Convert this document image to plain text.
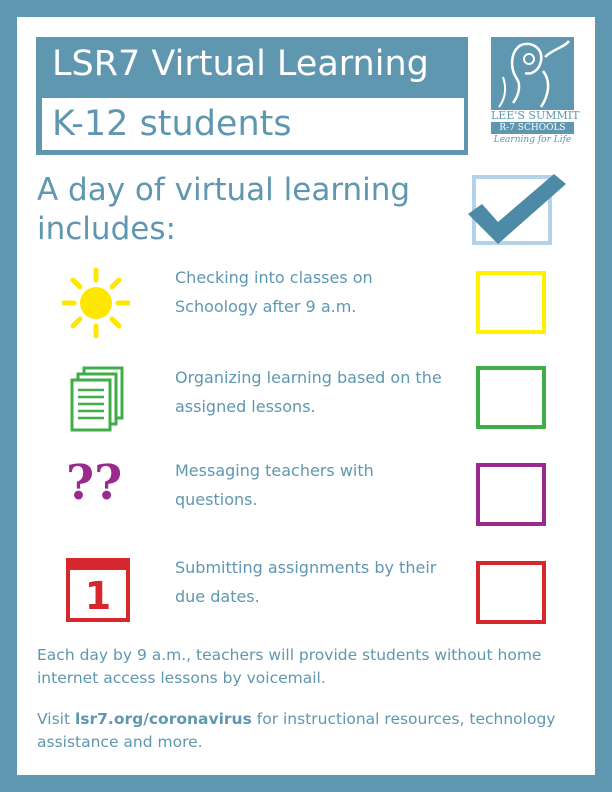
LSR7 Virtual Learning
K-12 students	LEE'S SUMMIT
R-7 SCHOOLS
Learning for Life
A day of virtual learning includes:
Checking into classes on Schoology after 9 a.m.
Organizing learning based on the assigned lessons.
??	Messaging teachers with questions.
1
Submitting assignments by their due dates.
Each day by 9 a.m., teachers will provide students without home internet access lessons by voicemail.
Visit lsr7.org/coronavirus for instructional resources, technology assistance and more.
